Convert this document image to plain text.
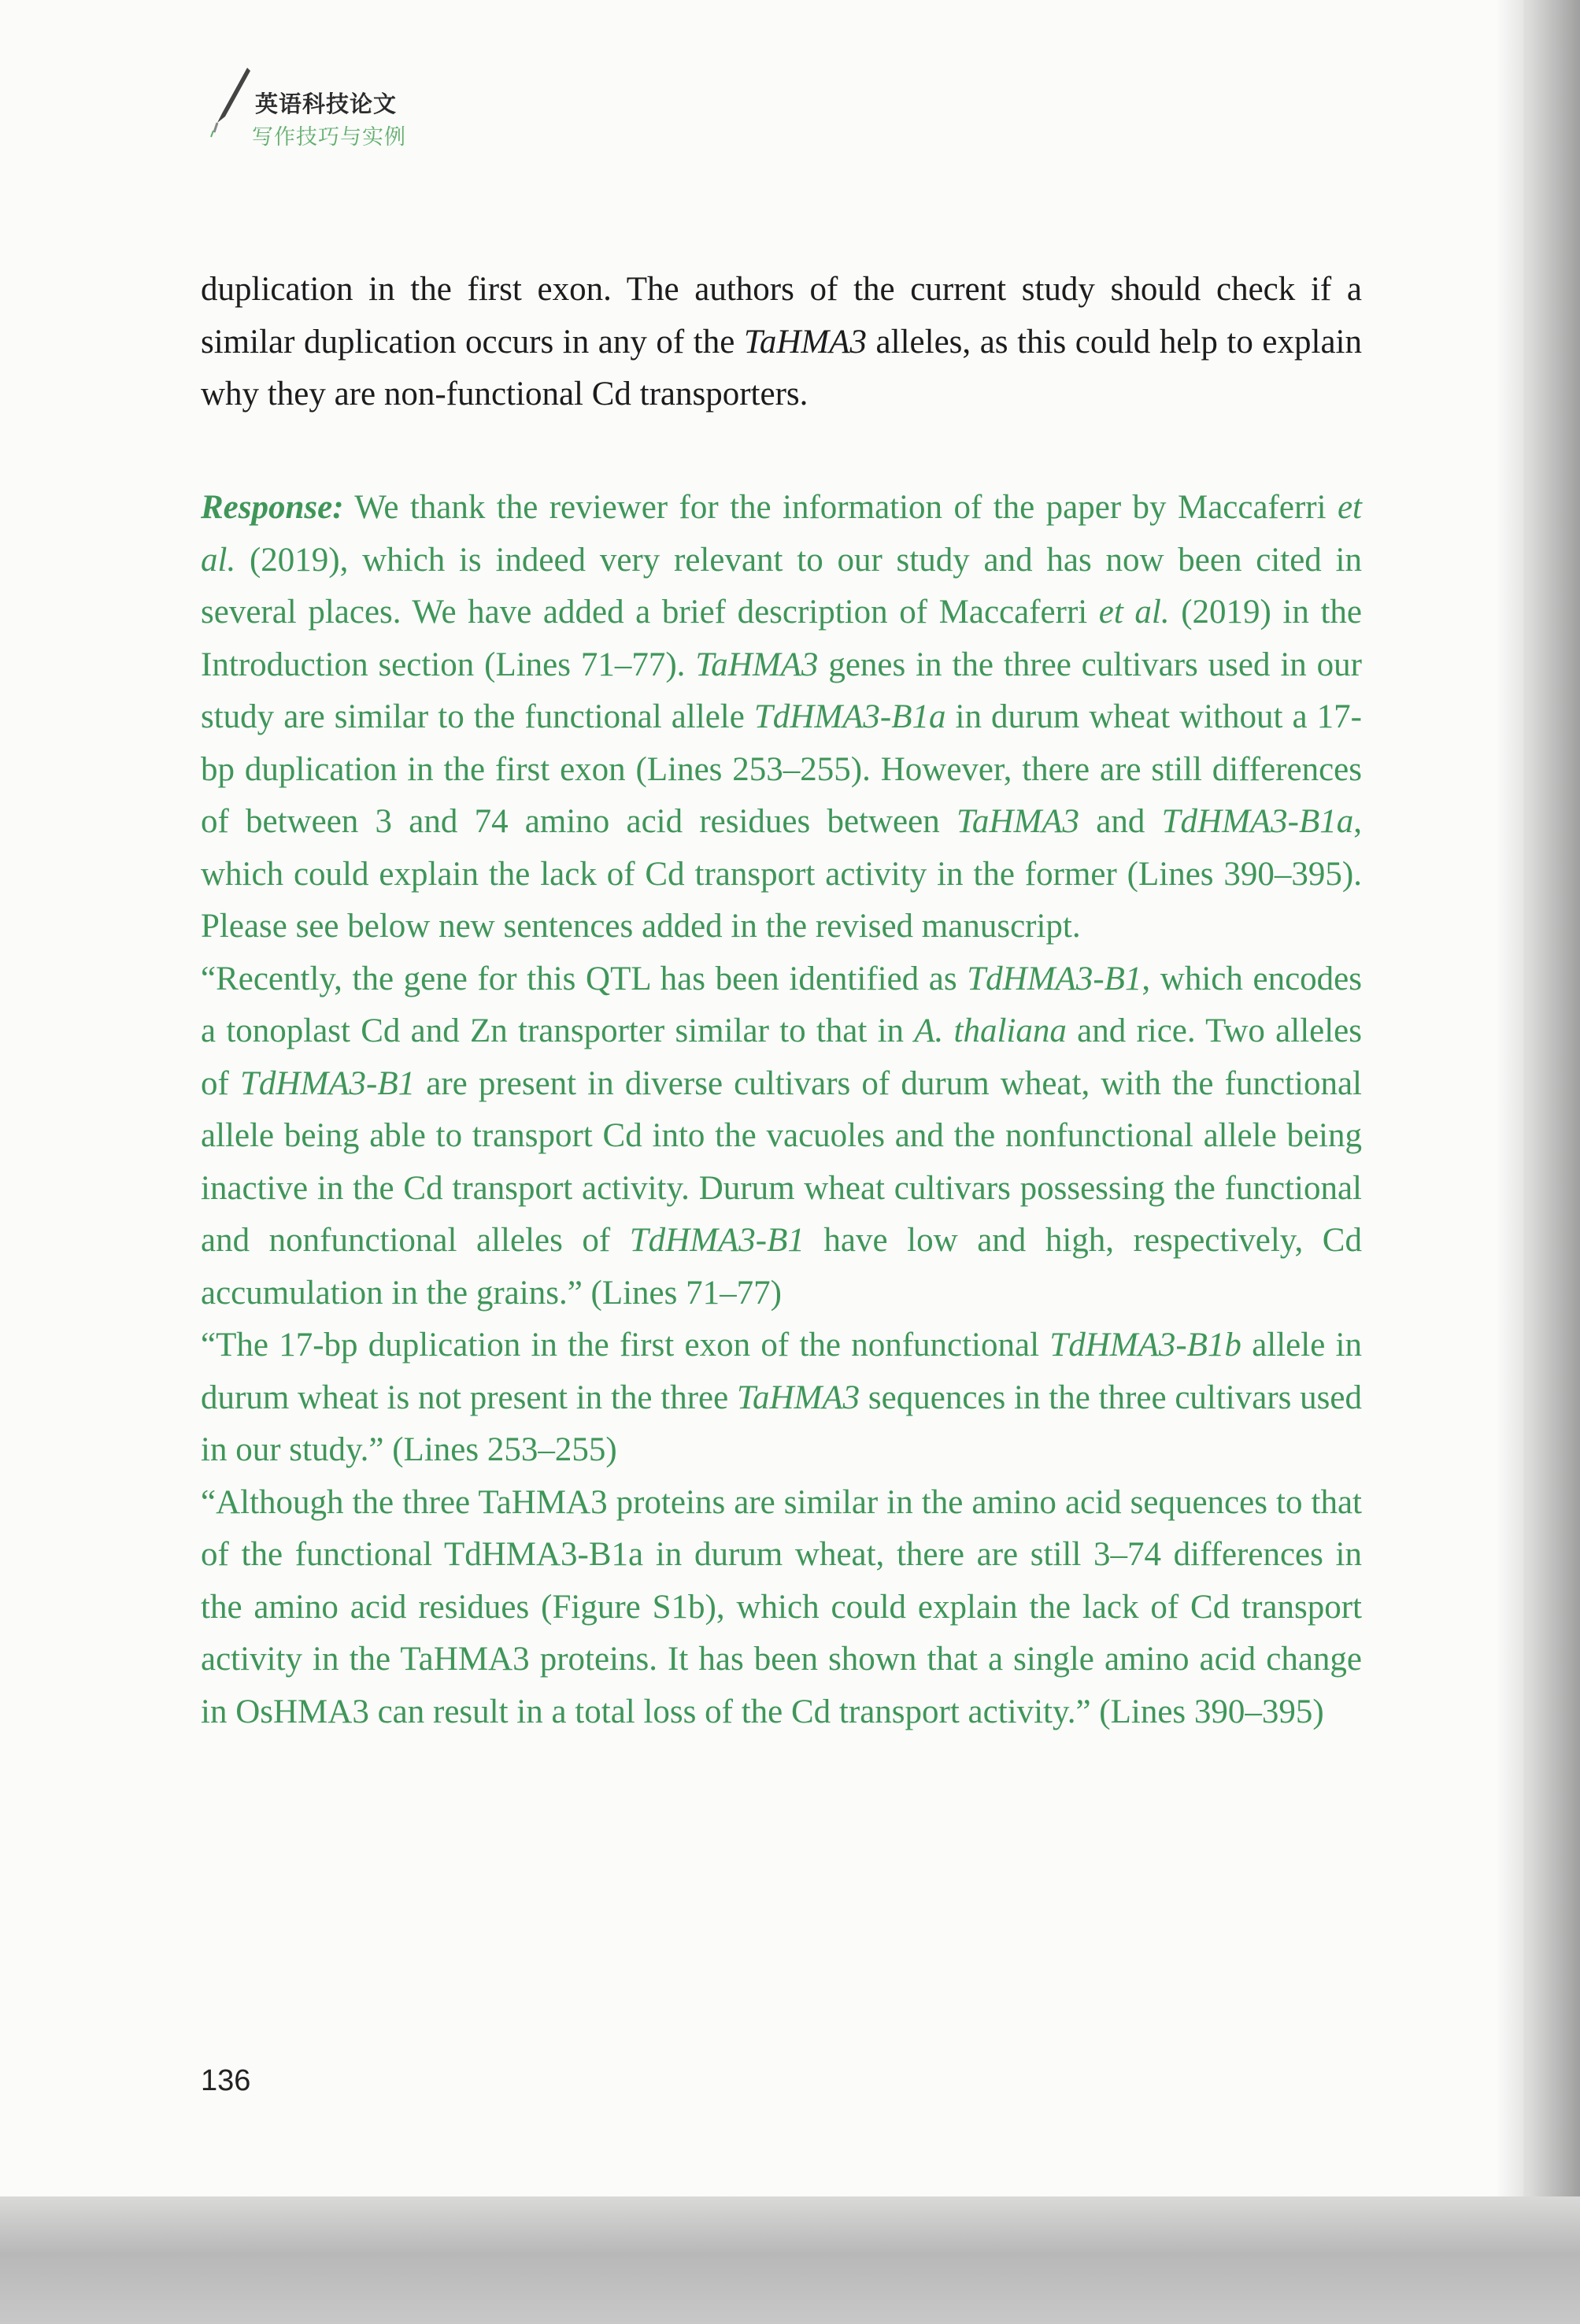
英语科技论文
写作技巧与实例

duplication in the first exon. The authors of the current study should check if a similar duplication occurs in any of the TaHMA3 alleles, as this could help to explain why they are non-functional Cd transporters.

Response: We thank the reviewer for the information of the paper by Maccaferri et al. (2019), which is indeed very relevant to our study and has now been cited in several places. We have added a brief description of Maccaferri et al. (2019) in the Introduction section (Lines 71–77). TaHMA3 genes in the three cultivars used in our study are similar to the functional allele TdHMA3-B1a in durum wheat without a 17-bp duplication in the first exon (Lines 253–255). However, there are still differences of between 3 and 74 amino acid residues between TaHMA3 and TdHMA3-B1a, which could explain the lack of Cd transport activity in the former (Lines 390–395). Please see below new sentences added in the revised manuscript.

“Recently, the gene for this QTL has been identified as TdHMA3-B1, which encodes a tonoplast Cd and Zn transporter similar to that in A. thaliana and rice. Two alleles of TdHMA3-B1 are present in diverse cultivars of durum wheat, with the functional allele being able to transport Cd into the vacuoles and the nonfunctional allele being inactive in the Cd transport activity. Durum wheat cultivars possessing the functional and nonfunctional alleles of TdHMA3-B1 have low and high, respectively, Cd accumulation in the grains.” (Lines 71–77)

“The 17-bp duplication in the first exon of the nonfunctional TdHMA3-B1b allele in durum wheat is not present in the three TaHMA3 sequences in the three cultivars used in our study.” (Lines 253–255)

“Although the three TaHMA3 proteins are similar in the amino acid sequences to that of the functional TdHMA3-B1a in durum wheat, there are still 3–74 differences in the amino acid residues (Figure S1b), which could explain the lack of Cd transport activity in the TaHMA3 proteins. It has been shown that a single amino acid change in OsHMA3 can result in a total loss of the Cd transport activity.” (Lines 390–395)

136
